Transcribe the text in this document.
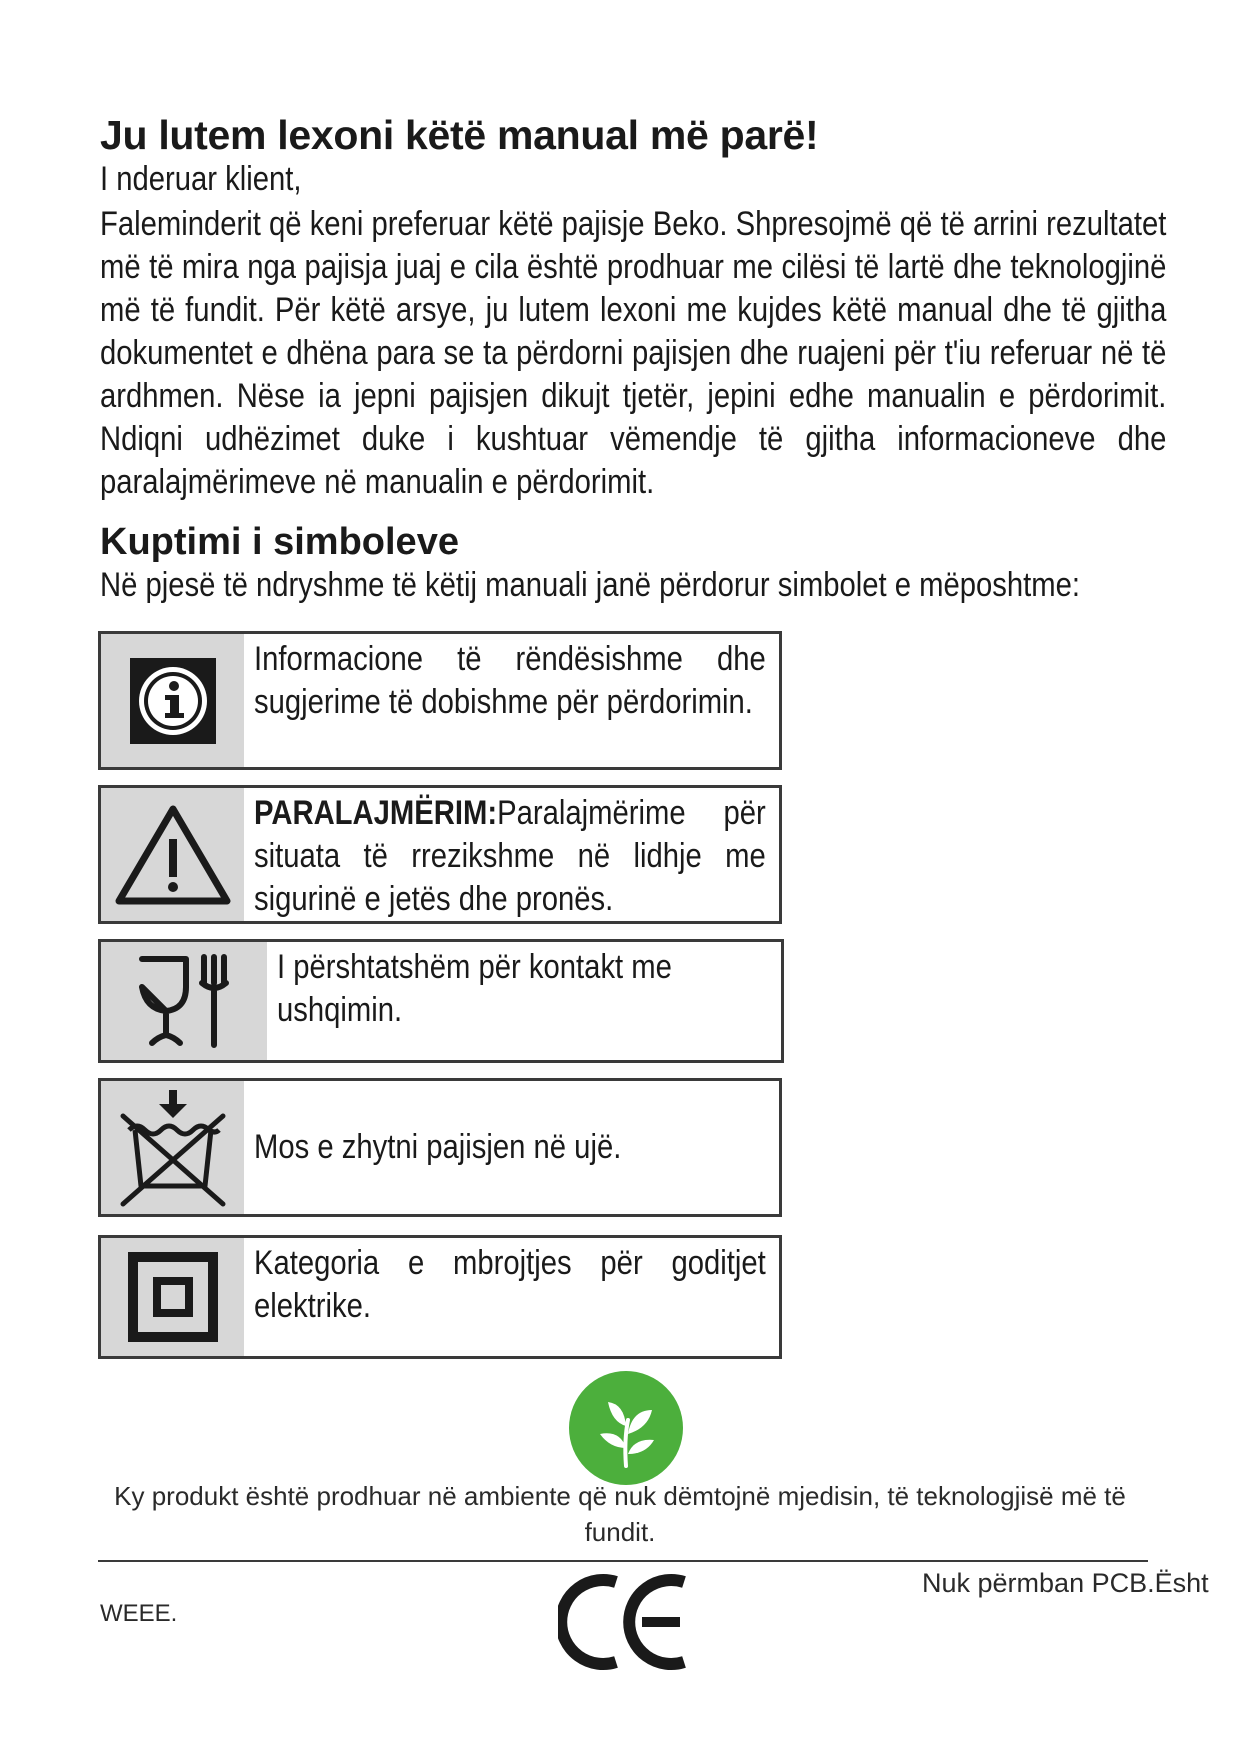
Ju lutem lexoni këtë manual më parë!

I nderuar klient,

Faleminderit që keni preferuar këtë pajisje Beko. Shpresojmë që të arrini rezultatet më të mira nga pajisja juaj e cila është prodhuar me cilësi të lartë dhe teknologjinë më të fundit. Për këtë arsye, ju lutem lexoni me kujdes këtë manual dhe të gjitha dokumentet e dhëna para se ta përdorni pajisjen dhe ruajeni për t'iu referuar në të ardhmen. Nëse ia jepni pajisjen dikujt tjetër, jepini edhe manualin e përdorimit. Ndiqni udhëzimet duke i kushtuar vëmendje të gjitha informacioneve dhe paralajmërimeve në manualin e përdorimit.

Kuptimi i simboleve

Në pjesë të ndryshme të këtij manuali janë përdorur simbolet e mëposhtme:

Informacione të rëndësishme dhe sugjerime të dobishme për përdorimin.
PARALAJMËRIM:Paralajmërime për situata të rrezikshme në lidhje me sigurinë e jetës dhe pronës.
I përshtatshëm për kontakt me ushqimin.
Mos e zhytni pajisjen në ujë.
Kategoria e mbrojtjes për goditjet elektrike.

Ky produkt është prodhuar në ambiente që nuk dëmtojnë mjedisin, të teknologjisë më të fundit.

WEEE.
Nuk përmban PCB.Ësht
